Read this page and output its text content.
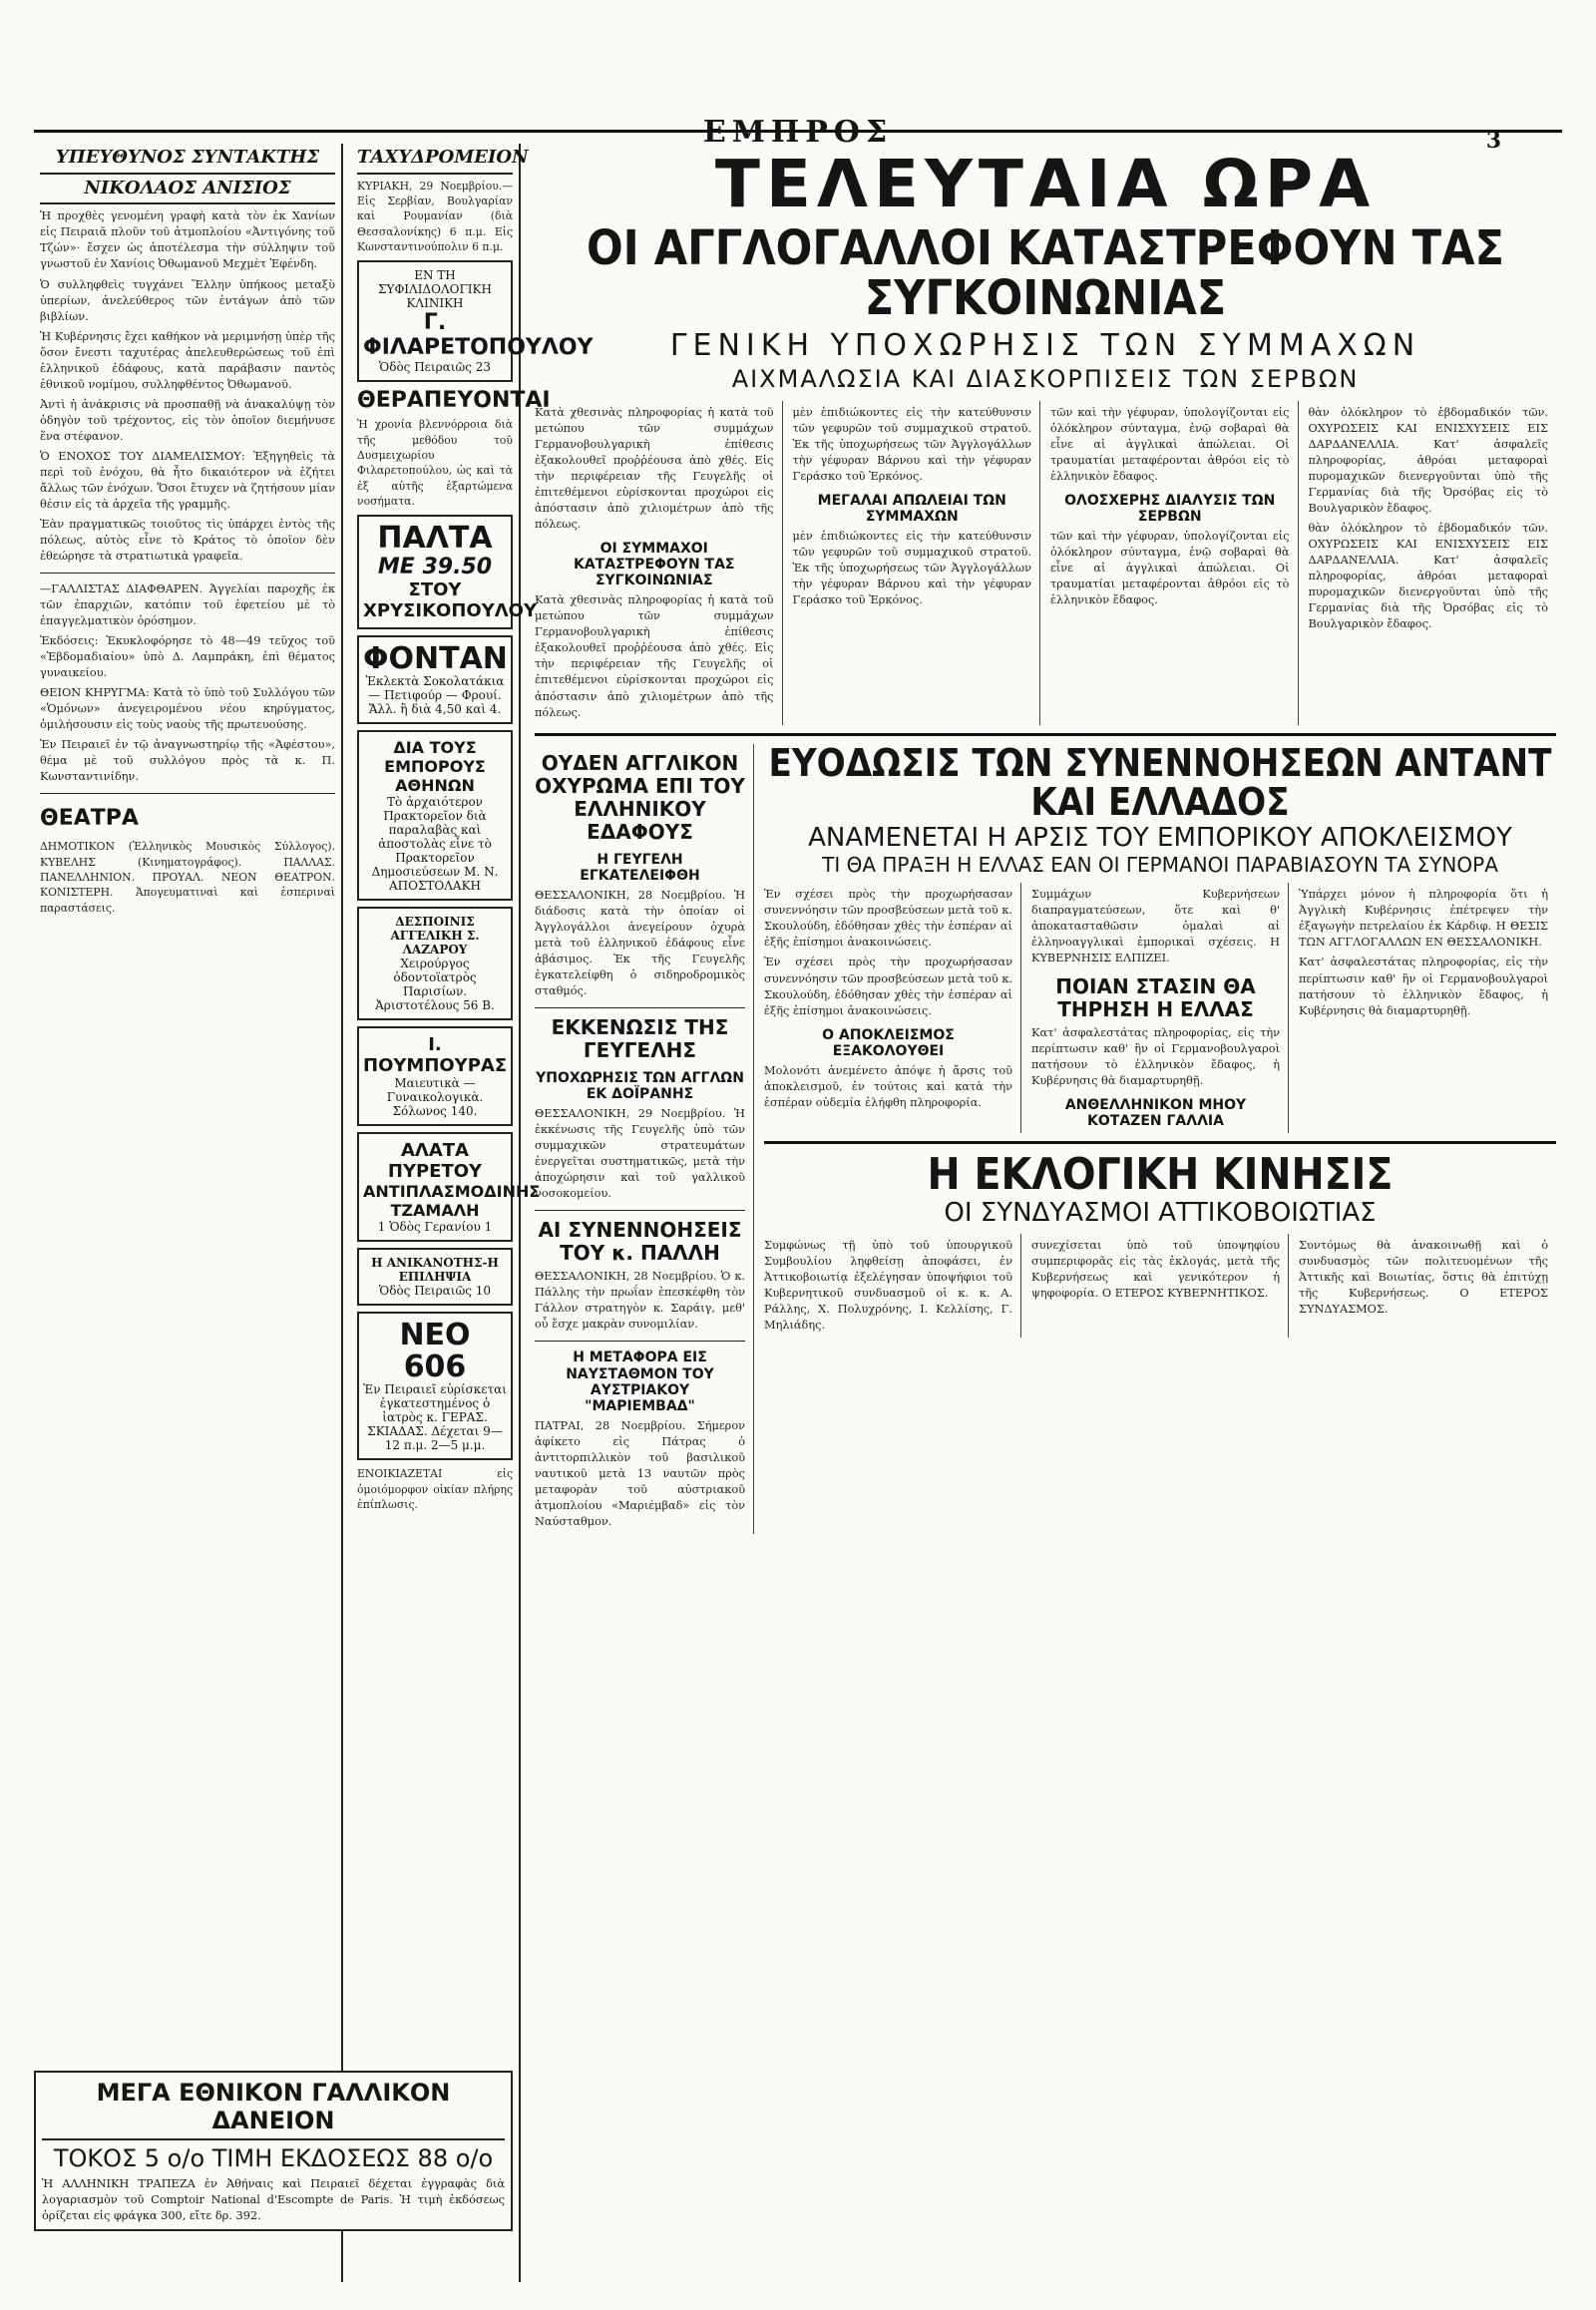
ΕΜΠΡΟΣ	3
ΥΠΕΥΘΥΝΟΣ ΣΥΝΤΑΚΤΗΣ
ΝΙΚΟΛΑΟΣ ΑΝΙΣΙΟΣ

Ἡ προχθὲς γενομένη γραφὴ κατὰ τὸν ἐκ Χανίων εἰς Πειραιᾶ πλοῦν τοῦ ἀτμοπλοίου «Ἀντιγόνης τοῦ Τζών»· ἔσχεν ὡς ἀποτέλεσμα τὴν σύλληψιν τοῦ γνωστοῦ ἐν Χανίοις Ὀθωμανοῦ Μεχμὲτ Ἐφένδη.

Ὁ συλληφθεὶς τυγχάνει Ἕλλην ὑπήκοος μεταξὺ ὑπερίων, ἀνελεύθερος τῶν ἐντάγων ἀπὸ τῶν βιβλίων.

Ἡ Κυβέρνησις ἔχει καθήκον νὰ μεριμνήσῃ ὑπὲρ τῆς ὅσον ἔνεστι ταχυτέρας ἀπελευθερώσεως τοῦ ἐπὶ ἑλληνικοῦ ἐδάφους, κατὰ παράβασιν παντὸς ἐθνικοῦ νομίμου, συλληφθέντος Ὀθωμανοῦ.

Ἀντὶ ἡ ἀνάκρισις νὰ προσπαθῇ νὰ ἀνακαλύψῃ τὸν ὁδηγὸν τοῦ τρέχοντος, εἰς τὸν ὁποῖον διεμήνυσε ἕνα στέφανον.

Ὁ ΕΝΟΧΟΣ ΤΟΥ ΔΙΑΜΕΛΙΣΜΟΥ: Ἐξηγηθεὶς τὰ περὶ τοῦ ἐνόχου, θὰ ἦτο δικαιότερον νὰ ἐζήτει ἄλλως τῶν ἐνόχων. Ὅσοι ἔτυχεν νὰ ζητήσουν μίαν θέσιν εἰς τὰ ἀρχεῖα τῆς γραμμῆς.

Ἐὰν πραγματικῶς τοιοῦτος τὶς ὑπάρχει ἐντὸς τῆς πόλεως, αὐτὸς εἶνε τὸ Κράτος τὸ ὁποῖον δὲν ἐθεώρησε τὰ στρατιωτικὰ γραφεῖα.

—ΓΑΛΛΙΣΤΑΣ ΔΙΑΦΘΑΡΕΝ. Ἀγγελίαι παροχῆς ἐκ τῶν ἐπαρχιῶν, κατόπιν τοῦ ἐφετείου μὲ τὸ ἐπαγγελματικὸν ὁρόσημον.

Ἐκδόσεις: Ἐκυκλοφόρησε τὸ 48—49 τεῦχος τοῦ «Ἑβδομαδιαίου» ὑπὸ Δ. Λαμπράκη, ἐπὶ θέματος γυναικείου.

ΘΕΙΟΝ ΚΗΡΥΓΜΑ: Κατὰ τὸ ὑπὸ τοῦ Συλλόγου τῶν «Ὁμόνων» ἀνεγειρομένου νέου κηρύγματος, ὁμιλήσουσιν εἰς τοὺς ναοὺς τῆς πρωτευούσης.

Ἐν Πειραιεῖ ἐν τῷ ἀναγνωστηρίῳ τῆς «Ἀφέστου», θέμα μὲ τοῦ συλλόγου πρὸς τὰ κ. Π. Κωνσταντινίδην.

ΘΕΑΤΡΑ

ΔΗΜΟΤΙΚΟΝ (Ἑλληνικὸς Μουσικὸς Σύλλογος). ΚΥΒΕΛΗΣ (Κινηματογράφος). ΠΑΛΛΑΣ. ΠΑΝΕΛΛΗΝΙΟΝ. ΠΡΟΥΑΛ. ΝΕΟΝ ΘΕΑΤΡΟΝ. ΚΟΝΙΣΤΕΡΗ. Ἀπογευματιναὶ καὶ ἑσπεριναὶ παραστάσεις.

ΤΑΧΥΔΡΟΜΕΙΟΝ

ΚΥΡΙΑΚΗ, 29 Νοεμβρίου.— Εἰς Σερβίαν, Βουλγαρίαν καὶ Ρουμανίαν (διὰ Θεσσαλονίκης) 6 π.μ. Εἰς Κωνσταντινούπολιν 6 π.μ.

ΕΝ ΤΗ ΣΥΦΙΛΙΔΟΛΟΓΙΚΗ ΚΛΙΝΙΚΗ
Γ. ΦΙΛΑΡΕΤΟΠΟΥΛΟΥ
Ὁδὸς Πειραιῶς 23
ΘΕΡΑΠΕΥΟΝΤΑΙ

Ἡ χρονία βλεννόρροια διὰ τῆς μεθόδου τοῦ Δυσμειχωρίου Φιλαρετοπούλου, ὡς καὶ τὰ ἐξ αὐτῆς ἐξαρτώμενα νοσήματα.

ΠΑΛΤΑ
ΜΕ 39.50
ΣΤΟΥ ΧΡΥΣΙΚΟΠΟΥΛΟΥ
ΦΟΝΤΑΝ
Ἐκλεκτὰ Σοκολατάκια — Πετιφούρ — Φρουί. Ἄλλ. ἢ διὰ 4,50 καὶ 4.
ΔΙΑ ΤΟΥΣ ΕΜΠΟΡΟΥΣ ΑΘΗΝΩΝ
Τὸ ἀρχαιότερον Πρακτορεῖον διὰ παραλαβὰς καὶ ἀποστολὰς εἶνε τὸ Πρακτορεῖον Δημοσιεύσεων Μ. Ν. ΑΠΟΣΤΟΛΑΚΗ
ΔΕΣΠΟΙΝΙΣ ΑΓΓΕΛΙΚΗ Σ. ΛΑΖΑΡΟΥ
Χειρούργος ὀδοντοϊατρὸς Παρισίων. Ἀριστοτέλους 56 Β.
Ι. ΠΟΥΜΠΟΥΡΑΣ
Μαιευτικὰ — Γυναικολογικὰ. Σόλωνος 140.
ΑΛΑΤΑ ΠΥΡΕΤΟΥ
ΑΝΤΙΠΛΑΣΜΟΔΙΝΗΣ ΤΖΑΜΑΛΗ
1 Ὁδὸς Γερανίου 1
Η ΑΝΙΚΑΝΟΤΗΣ-Η ΕΠΙΛΗΨΙΑ
Ὁδὸς Πειραιῶς 10
ΝΕΟ 606
Ἐν Πειραιεῖ εὑρίσκεται ἐγκατεστημένος ὁ ἰατρὸς κ. ΓΕΡΑΣ. ΣΚΙΑΔΑΣ. Δέχεται 9—12 π.μ. 2—5 μ.μ.

ΕΝΟΙΚΙΑΖΕΤΑΙ εἰς ὁμοιόμορφον οἰκίαν πλήρης ἐπίπλωσις.

ΤΕΛΕΥΤΑΙΑ ΩΡΑ
ΟΙ ΑΓΓΛΟΓΑΛΛΟΙ ΚΑΤΑΣΤΡΕΦΟΥΝ ΤΑΣ ΣΥΓΚΟΙΝΩΝΙΑΣ
ΓΕΝΙΚΗ ΥΠΟΧΩΡΗΣΙΣ ΤΩΝ ΣΥΜΜΑΧΩΝ
ΑΙΧΜΑΛΩΣΙΑ ΚΑΙ ΔΙΑΣΚΟΡΠΙΣΕΙΣ ΤΩΝ ΣΕΡΒΩΝ

Κατὰ χθεσινὰς πληροφορίας ἡ κατὰ τοῦ μετώπου τῶν συμμάχων Γερμανοβουλγαρικὴ ἐπίθεσις ἐξακολουθεῖ προῤῥέουσα ἀπὸ χθές. Εἰς τὴν περιφέρειαν τῆς Γευγελῆς οἱ ἐπιτεθέμενοι εὑρίσκονται προχώροι εἰς ἀπόστασιν ἀπὸ χιλιομέτρων ἀπὸ τῆς πόλεως.

ΟΙ ΣΥΜΜΑΧΟΙ ΚΑΤΑΣΤΡΕΦΟΥΝ ΤΑΣ ΣΥΓΚΟΙΝΩΝΙΑΣ

Κατὰ χθεσινὰς πληροφορίας ἡ κατὰ τοῦ μετώπου τῶν συμμάχων Γερμανοβουλγαρικὴ ἐπίθεσις ἐξακολουθεῖ προῤῥέουσα ἀπὸ χθές. Εἰς τὴν περιφέρειαν τῆς Γευγελῆς οἱ ἐπιτεθέμενοι εὑρίσκονται προχώροι εἰς ἀπόστασιν ἀπὸ χιλιομέτρων ἀπὸ τῆς πόλεως.

μὲν ἐπιδιώκοντες εἰς τὴν κατεύθυνσιν τῶν γεφυρῶν τοῦ συμμαχικοῦ στρατοῦ. Ἐκ τῆς ὑποχωρήσεως τῶν Ἀγγλογάλλων τὴν γέφυραν Βάρνου καὶ τὴν γέφυραν Γεράσκο τοῦ Ἐρκόνος.

ΜΕΓΑΛΑΙ ΑΠΩΛΕΙΑΙ ΤΩΝ ΣΥΜΜΑΧΩΝ

μὲν ἐπιδιώκοντες εἰς τὴν κατεύθυνσιν τῶν γεφυρῶν τοῦ συμμαχικοῦ στρατοῦ. Ἐκ τῆς ὑποχωρήσεως τῶν Ἀγγλογάλλων τὴν γέφυραν Βάρνου καὶ τὴν γέφυραν Γεράσκο τοῦ Ἐρκόνος.

τῶν καὶ τὴν γέφυραν, ὑπολογίζονται εἰς ὁλόκληρον σύνταγμα, ἐνῷ σοβαραὶ θὰ εἶνε αἱ ἀγγλικαὶ ἀπώλειαι. Οἱ τραυματίαι μεταφέρονται ἀθρόοι εἰς τὸ ἑλληνικὸν ἔδαφος.

ΟΛΟΣΧΕΡΗΣ ΔΙΑΛΥΣΙΣ ΤΩΝ ΣΕΡΒΩΝ

τῶν καὶ τὴν γέφυραν, ὑπολογίζονται εἰς ὁλόκληρον σύνταγμα, ἐνῷ σοβαραὶ θὰ εἶνε αἱ ἀγγλικαὶ ἀπώλειαι. Οἱ τραυματίαι μεταφέρονται ἀθρόοι εἰς τὸ ἑλληνικὸν ἔδαφος.

θὰν ὁλόκληρον τὸ ἑβδομαδικόν τῶν. ΟΧΥΡΩΣΕΙΣ ΚΑΙ ΕΝΙΣΧΥΣΕΙΣ ΕΙΣ ΔΑΡΔΑΝΕΛΛΙΑ. Κατ' ἀσφαλεῖς πληροφορίας, ἀθρόαι μεταφοραὶ πυρομαχικῶν διενεργοῦνται ὑπὸ τῆς Γερμανίας διὰ τῆς Ὀρσόβας εἰς τὸ Βουλγαρικὸν ἔδαφος.

θὰν ὁλόκληρον τὸ ἑβδομαδικόν τῶν. ΟΧΥΡΩΣΕΙΣ ΚΑΙ ΕΝΙΣΧΥΣΕΙΣ ΕΙΣ ΔΑΡΔΑΝΕΛΛΙΑ. Κατ' ἀσφαλεῖς πληροφορίας, ἀθρόαι μεταφοραὶ πυρομαχικῶν διενεργοῦνται ὑπὸ τῆς Γερμανίας διὰ τῆς Ὀρσόβας εἰς τὸ Βουλγαρικὸν ἔδαφος.

ΟΥΔΕΝ ΑΓΓΛΙΚΟΝ ΟΧΥΡΩΜΑ ΕΠΙ ΤΟΥ ΕΛΛΗΝΙΚΟΥ ΕΔΑΦΟΥΣ
Η ΓΕΥΓΕΛΗ ΕΓΚΑΤΕΛΕΙΦΘΗ

ΘΕΣΣΑΛΟΝΙΚΗ, 28 Νοεμβρίου. Ἡ διάδοσις κατὰ τὴν ὁποίαν οἱ Ἀγγλογάλλοι ἀνεγείρουν ὀχυρὰ μετὰ τοῦ ἑλληνικοῦ ἐδάφους εἶνε ἀβάσιμος. Ἐκ τῆς Γευγελῆς ἐγκατελείφθη ὁ σιδηροδρομικὸς σταθμός.

ΕΚΚΕΝΩΣΙΣ ΤΗΣ ΓΕΥΓΕΛΗΣ
ΥΠΟΧΩΡΗΣΙΣ ΤΩΝ ΑΓΓΛΩΝ ΕΚ ΔΟΪΡΑΝΗΣ

ΘΕΣΣΑΛΟΝΙΚΗ, 29 Νοεμβρίου. Ἡ ἐκκένωσις τῆς Γευγελῆς ὑπὸ τῶν συμμαχικῶν στρατευμάτων ἐνεργεῖται συστηματικῶς, μετὰ τὴν ἀποχώρησιν καὶ τοῦ γαλλικοῦ νοσοκομείου.

ΑΙ ΣΥΝΕΝΝΟΗΣΕΙΣ ΤΟΥ κ. ΠΑΛΛΗ

ΘΕΣΣΑΛΟΝΙΚΗ, 28 Νοεμβρίου. Ὁ κ. Πάλλης τὴν πρωΐαν ἐπεσκέφθη τὸν Γάλλον στρατηγὸν κ. Σαράιγ, μεθ' οὗ ἔσχε μακρὰν συνομιλίαν.

Η ΜΕΤΑΦΟΡΑ ΕΙΣ ΝΑΥΣΤΑΘΜΟΝ ΤΟΥ ΑΥΣΤΡΙΑΚΟΥ "ΜΑΡΙΕΜΒΑΔ"

ΠΑΤΡΑΙ, 28 Νοεμβρίου. Σήμερον ἀφίκετο εἰς Πάτρας ὁ ἀντιτορπιλλικὸν τοῦ βασιλικοῦ ναυτικοῦ μετὰ 13 ναυτῶν πρὸς μεταφορὰν τοῦ αὐστριακοῦ ἀτμοπλοίου «Μαριέμβαδ» εἰς τὸν Ναύσταθμον.

ΕΥΟΔΩΣΙΣ ΤΩΝ ΣΥΝΕΝΝΟΗΣΕΩΝ ΑΝΤΑΝΤ ΚΑΙ ΕΛΛΑΔΟΣ
ΑΝΑΜΕΝΕΤΑΙ Η ΑΡΣΙΣ ΤΟΥ ΕΜΠΟΡΙΚΟΥ ΑΠΟΚΛΕΙΣΜΟΥ
ΤΙ ΘΑ ΠΡΑΞΗ Η ΕΛΛΑΣ ΕΑΝ ΟΙ ΓΕΡΜΑΝΟΙ ΠΑΡΑΒΙΑΣΟΥΝ ΤΑ ΣΥΝΟΡΑ

Ἐν σχέσει πρὸς τὴν προχωρήσασαν συνεννόησιν τῶν προσβεύσεων μετὰ τοῦ κ. Σκουλούδη, ἐδόθησαν χθὲς τὴν ἑσπέραν αἱ ἑξῆς ἐπίσημοι ἀνακοινώσεις.

Ἐν σχέσει πρὸς τὴν προχωρήσασαν συνεννόησιν τῶν προσβεύσεων μετὰ τοῦ κ. Σκουλούδη, ἐδόθησαν χθὲς τὴν ἑσπέραν αἱ ἑξῆς ἐπίσημοι ἀνακοινώσεις.

Ο ΑΠΟΚΛΕΙΣΜΟΣ ΕΞΑΚΟΛΟΥΘΕΙ

Μολονότι ἀνεμένετο ἀπόψε ἡ ἄρσις τοῦ ἀποκλεισμοῦ, ἐν τούτοις καὶ κατὰ τὴν ἑσπέραν οὐδεμία ἐλήφθη πληροφορία.

Συμμάχων Κυβερνήσεων διαπραγματεύσεων, ὅτε καὶ θ' ἀποκατασταθῶσιν ὁμαλαὶ αἱ ἐλληνοαγγλικαὶ ἐμπορικαὶ σχέσεις. Η ΚΥΒΕΡΝΗΣΙΣ ΕΛΠΙΖΕΙ.

ΠΟΙΑΝ ΣΤΑΣΙΝ ΘΑ ΤΗΡΗΣΗ Η ΕΛΛΑΣ

Κατ' ἀσφαλεστάτας πληροφορίας, εἰς τὴν περίπτωσιν καθ' ἣν οἱ Γερμανοβουλγαροὶ πατήσουν τὸ ἑλληνικὸν ἔδαφος, ἡ Κυβέρνησις θὰ διαμαρτυρηθῇ.

ΑΝΘΕΛΛΗΝΙΚΟΝ ΜΗΟΥ ΚΟΤΑΖΕΝ ΓΑΛΛΙΑ

Ὑπάρχει μόνον ἡ πληροφορία ὅτι ἡ Ἀγγλικὴ Κυβέρνησις ἐπέτρεψεν τὴν ἐξαγωγὴν πετρελαίου ἐκ Κάρδιφ. Η ΘΕΣΙΣ ΤΩΝ ΑΓΓΛΟΓΑΛΛΩΝ ΕΝ ΘΕΣΣΑΛΟΝΙΚΗ.

Κατ' ἀσφαλεστάτας πληροφορίας, εἰς τὴν περίπτωσιν καθ' ἣν οἱ Γερμανοβουλγαροὶ πατήσουν τὸ ἑλληνικὸν ἔδαφος, ἡ Κυβέρνησις θὰ διαμαρτυρηθῇ.

Η ΕΚΛΟΓΙΚΗ ΚΙΝΗΣΙΣ
ΟΙ ΣΥΝΔΥΑΣΜΟΙ ΑΤΤΙΚΟΒΟΙΩΤΙΑΣ

Συμφώνως τῇ ὑπὸ τοῦ ὑπουργικοῦ Συμβουλίου ληφθείσῃ ἀποφάσει, ἐν Ἀττικοβοιωτίᾳ ἐξελέγησαν ὑποψήφιοι τοῦ Κυβερνητικοῦ συνδυασμοῦ οἱ κ. κ. Α. Ράλλης, Χ. Πολυχρόνης, Ι. Κελλίσης, Γ. Μηλιάδης.

συνεχίσεται ὑπὸ τοῦ ὑποψηφίου συμπεριφορᾶς εἰς τὰς ἐκλογάς, μετὰ τῆς Κυβερνήσεως καὶ γενικότερον ἡ ψηφοφορία. Ο ΕΤΕΡΟΣ ΚΥΒΕΡΝΗΤΙΚΟΣ.

Συντόμως θὰ ἀνακοινωθῇ καὶ ὁ συνδυασμὸς τῶν πολιτευομένων τῆς Ἀττικῆς καὶ Βοιωτίας, ὅστις θὰ ἐπιτύχῃ τῆς Κυβερνήσεως. Ο ΕΤΕΡΟΣ ΣΥΝΔΥΑΣΜΟΣ.

ΜΕΓΑ ΕΘΝΙΚΟΝ ΓΑΛΛΙΚΟΝ ΔΑΝΕΙΟΝ
ΤΟΚΟΣ 5 ο/ο ΤΙΜΗ ΕΚΔΟΣΕΩΣ 88 ο/ο
Ἡ ΑΛΛΗΝΙΚΗ ΤΡΑΠΕΖΑ ἐν Ἀθήναις καὶ Πειραιεῖ δέχεται ἐγγραφὰς διὰ λογαριασμὸν τοῦ Comptoir National d'Escompte de Paris. Ἡ τιμὴ ἐκδόσεως ὁρίζεται εἰς φράγκα 300, εἴτε δρ. 392.
